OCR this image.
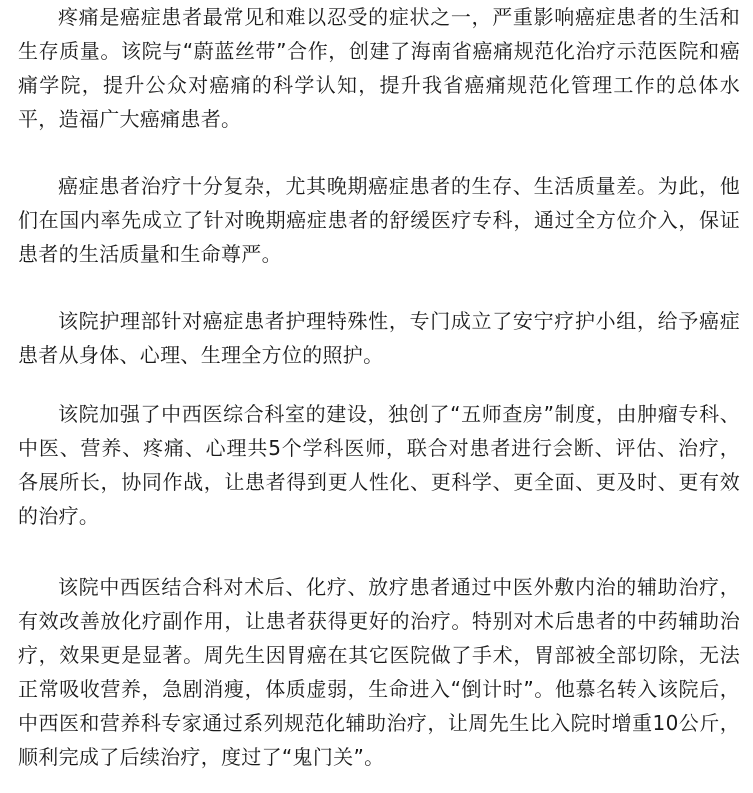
疼痛是癌症患者最常见和难以忍受的症状之一，严重影响癌症患者的生活和生存质量。该院与“蔚蓝丝带”合作，创建了海南省癌痛规范化治疗示范医院和癌痛学院，提升公众对癌痛的科学认知，提升我省癌痛规范化管理工作的总体水平，造福广大癌痛患者。

癌症患者治疗十分复杂，尤其晚期癌症患者的生存、生活质量差。为此，他们在国内率先成立了针对晚期癌症患者的舒缓医疗专科，通过全方位介入，保证患者的生活质量和生命尊严。

该院护理部针对癌症患者护理特殊性，专门成立了安宁疗护小组，给予癌症患者从身体、心理、生理全方位的照护。

该院加强了中西医综合科室的建设，独创了“五师查房”制度，由肿瘤专科、中医、营养、疼痛、心理共5个学科医师，联合对患者进行会断、评估、治疗，各展所长，协同作战，让患者得到更人性化、更科学、更全面、更及时、更有效的治疗。

该院中西医结合科对术后、化疗、放疗患者通过中医外敷内治的辅助治疗，有效改善放化疗副作用，让患者获得更好的治疗。特别对术后患者的中药辅助治疗，效果更是显著。周先生因胃癌在其它医院做了手术，胃部被全部切除，无法正常吸收营养，急剧消瘦，体质虚弱，生命进入“倒计时”。他慕名转入该院后，中西医和营养科专家通过系列规范化辅助治疗，让周先生比入院时增重10公斤，顺利完成了后续治疗，度过了“鬼门关”。
